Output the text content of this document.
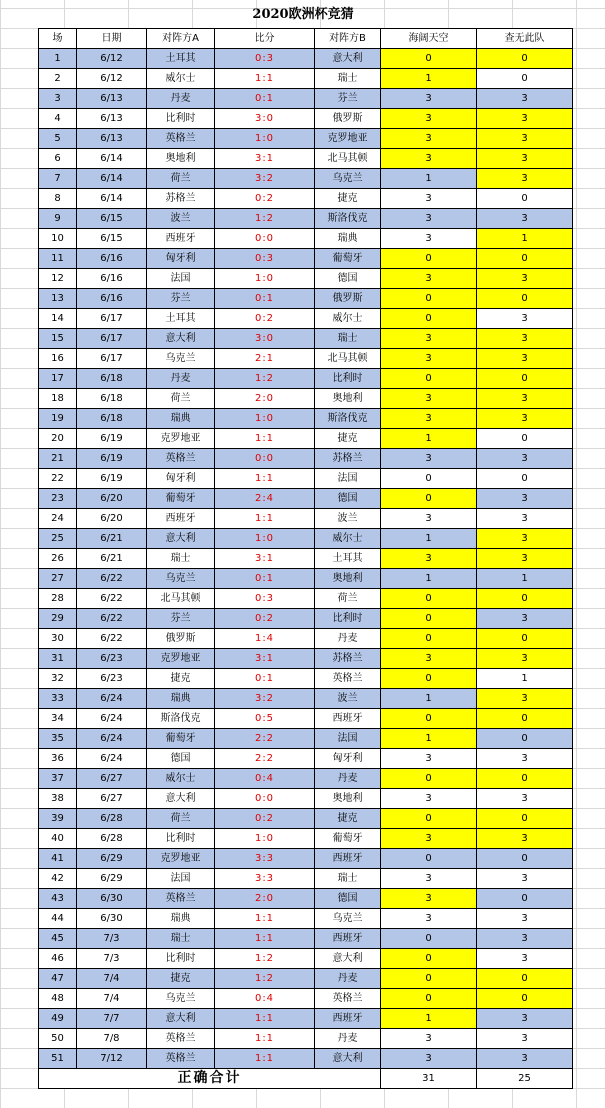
2020欧洲杯竞猜
场	日期	对阵方A	比分	对阵方B	海阔天空	查无此队
1	6/12	土耳其	0:3	意大利	0	0
2	6/12	威尔士	1:1	瑞士	1	0
3	6/13	丹麦	0:1	芬兰	3	3
4	6/13	比利时	3:0	俄罗斯	3	3
5	6/13	英格兰	1:0	克罗地亚	3	3
6	6/14	奥地利	3:1	北马其顿	3	3
7	6/14	荷兰	3:2	乌克兰	1	3
8	6/14	苏格兰	0:2	捷克	3	0
9	6/15	波兰	1:2	斯洛伐克	3	3
10	6/15	西班牙	0:0	瑞典	3	1
11	6/16	匈牙利	0:3	葡萄牙	0	0
12	6/16	法国	1:0	德国	3	3
13	6/16	芬兰	0:1	俄罗斯	0	0
14	6/17	土耳其	0:2	威尔士	0	3
15	6/17	意大利	3:0	瑞士	3	3
16	6/17	乌克兰	2:1	北马其顿	3	3
17	6/18	丹麦	1:2	比利时	0	0
18	6/18	荷兰	2:0	奥地利	3	3
19	6/18	瑞典	1:0	斯洛伐克	3	3
20	6/19	克罗地亚	1:1	捷克	1	0
21	6/19	英格兰	0:0	苏格兰	3	3
22	6/19	匈牙利	1:1	法国	0	0
23	6/20	葡萄牙	2:4	德国	0	3
24	6/20	西班牙	1:1	波兰	3	3
25	6/21	意大利	1:0	威尔士	1	3
26	6/21	瑞士	3:1	土耳其	3	3
27	6/22	乌克兰	0:1	奥地利	1	1
28	6/22	北马其顿	0:3	荷兰	0	0
29	6/22	芬兰	0:2	比利时	0	3
30	6/22	俄罗斯	1:4	丹麦	0	0
31	6/23	克罗地亚	3:1	苏格兰	3	3
32	6/23	捷克	0:1	英格兰	0	1
33	6/24	瑞典	3:2	波兰	1	3
34	6/24	斯洛伐克	0:5	西班牙	0	0
35	6/24	葡萄牙	2:2	法国	1	0
36	6/24	德国	2:2	匈牙利	3	3
37	6/27	威尔士	0:4	丹麦	0	0
38	6/27	意大利	0:0	奥地利	3	3
39	6/28	荷兰	0:2	捷克	0	0
40	6/28	比利时	1:0	葡萄牙	3	3
41	6/29	克罗地亚	3:3	西班牙	0	0
42	6/29	法国	3:3	瑞士	3	3
43	6/30	英格兰	2:0	德国	3	0
44	6/30	瑞典	1:1	乌克兰	3	3
45	7/3	瑞士	1:1	西班牙	0	3
46	7/3	比利时	1:2	意大利	0	3
47	7/4	捷克	1:2	丹麦	0	0
48	7/4	乌克兰	0:4	英格兰	0	0
49	7/7	意大利	1:1	西班牙	1	3
50	7/8	英格兰	1:1	丹麦	3	3
51	7/12	英格兰	1:1	意大利	3	3
正确合计					31	25
